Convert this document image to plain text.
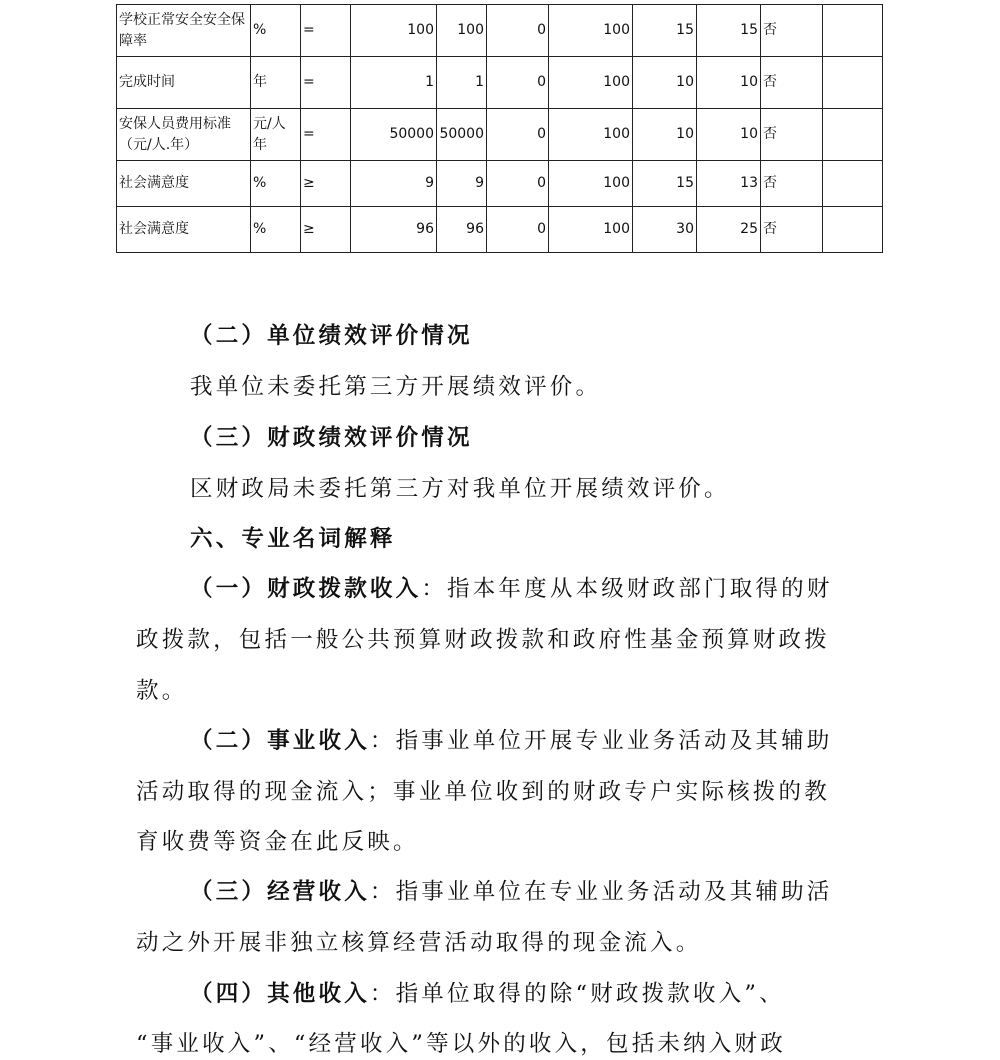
学校正常安全安全保障率	%	=	100	100	0	100	15	15	否	
完成时间	年	=	1	1	0	100	10	10	否	
安保人员费用标准（元/人.年）	元/人年	=	50000	50000	0	100	10	10	否	
社会满意度	%	≥	9	9	0	100	15	13	否	
社会满意度	%	≥	96	96	0	100	30	25	否	

（二）单位绩效评价情况

我单位未委托第三方开展绩效评价。

（三）财政绩效评价情况

区财政局未委托第三方对我单位开展绩效评价。

六、专业名词解释

（一）财政拨款收入：指本年度从本级财政部门取得的财

政拨款，包括一般公共预算财政拨款和政府性基金预算财政拨

款。

（二）事业收入：指事业单位开展专业业务活动及其辅助

活动取得的现金流入；事业单位收到的财政专户实际核拨的教

育收费等资金在此反映。

（三）经营收入：指事业单位在专业业务活动及其辅助活

动之外开展非独立核算经营活动取得的现金流入。

（四）其他收入：指单位取得的除“财政拨款收入”、

“事业收入”、“经营收入”等以外的收入，包括未纳入财政
